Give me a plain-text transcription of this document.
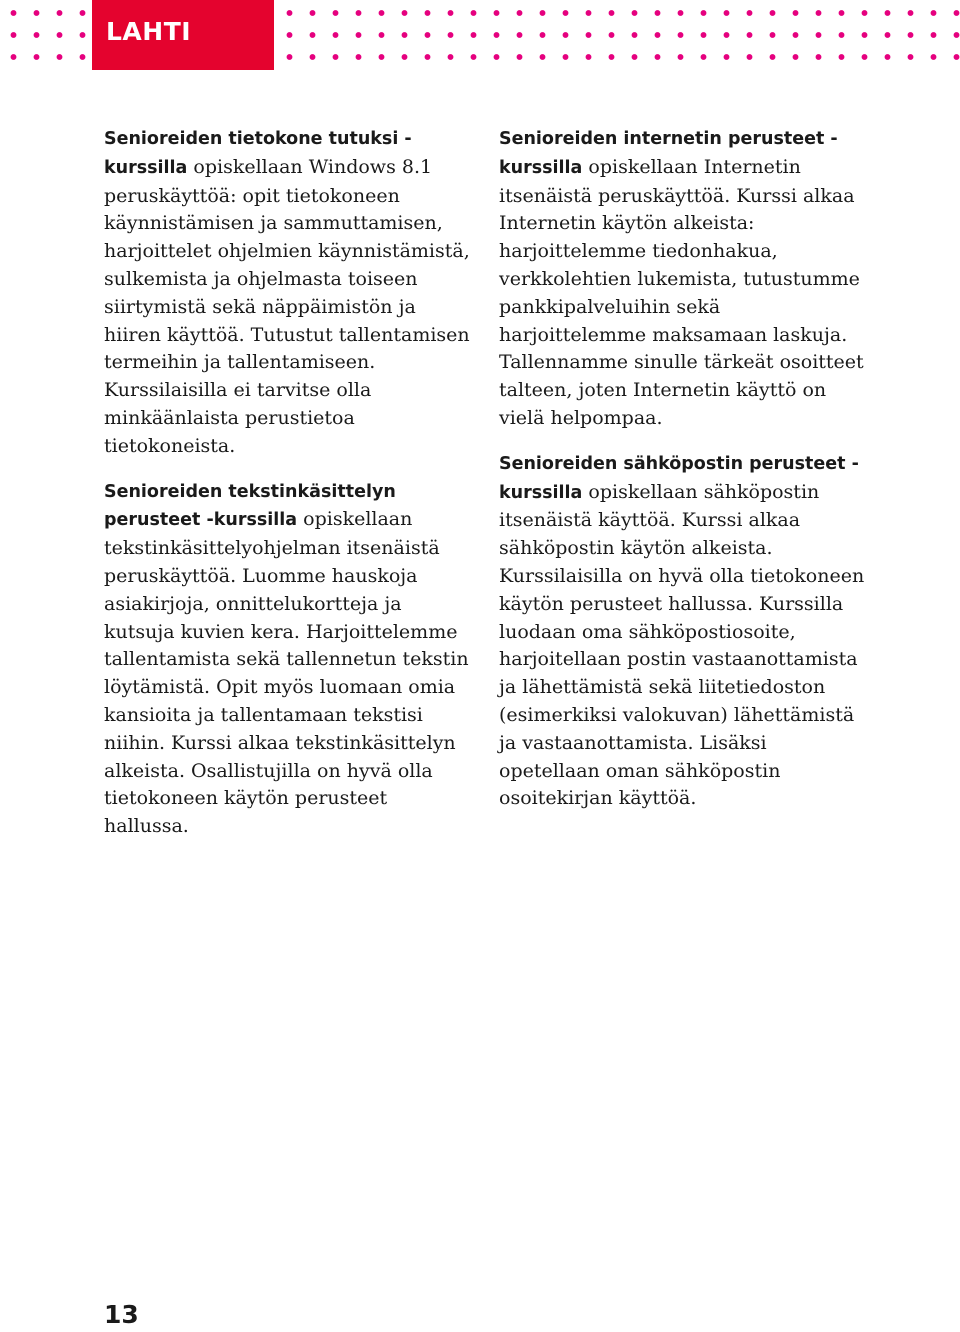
LAHTI

Senioreiden tietokone tutuksi -kurssilla opiskellaan Windows 8.1 peruskäyttöä: opit tietokoneen käynnistämisen ja sammuttamisen, harjoittelet ohjelmien käynnistämistä, sulkemista ja ohjelmasta toiseen siirtymistä sekä näppäimistön ja hiiren käyttöä. Tutustut tallentamisen termeihin ja tallentamiseen. Kurssilaisilla ei tarvitse olla minkäänlaista perustietoa tietokoneista.

Senioreiden tekstinkäsittelyn perusteet -kurssilla opiskellaan tekstinkäsittelyohjelman itsenäistä peruskäyttöä. Luomme hauskoja asiakirjoja, onnittelukortteja ja kutsuja kuvien kera. Harjoittelemme tallentamista sekä tallennetun tekstin löytämistä. Opit myös luomaan omia kansioita ja tallentamaan tekstisi niihin. Kurssi alkaa tekstinkäsittelyn alkeista. Osallistujilla on hyvä olla tietokoneen käytön perusteet hallussa.

Senioreiden internetin perusteet -kurssilla opiskellaan Internetin itsenäistä peruskäyttöä. Kurssi alkaa Internetin käytön alkeista: harjoittelemme tiedonhakua, verkkolehtien lukemista, tutustumme pankkipalveluihin sekä harjoittelemme maksamaan laskuja. Tallennamme sinulle tärkeät osoitteet talteen, joten Internetin käyttö on vielä helpompaa.

Senioreiden sähköpostin perusteet -kurssilla opiskellaan sähköpostin itsenäistä käyttöä. Kurssi alkaa sähköpostin käytön alkeista. Kurssilaisilla on hyvä olla tietokoneen käytön perusteet hallussa. Kurssilla luodaan oma sähköpostiosoite, harjoitellaan postin vastaanottamista ja lähettämistä sekä liitetiedoston (esimerkiksi valokuvan) lähettämistä ja vastaanottamista. Lisäksi opetellaan oman sähköpostin osoitekirjan käyttöä.

13
